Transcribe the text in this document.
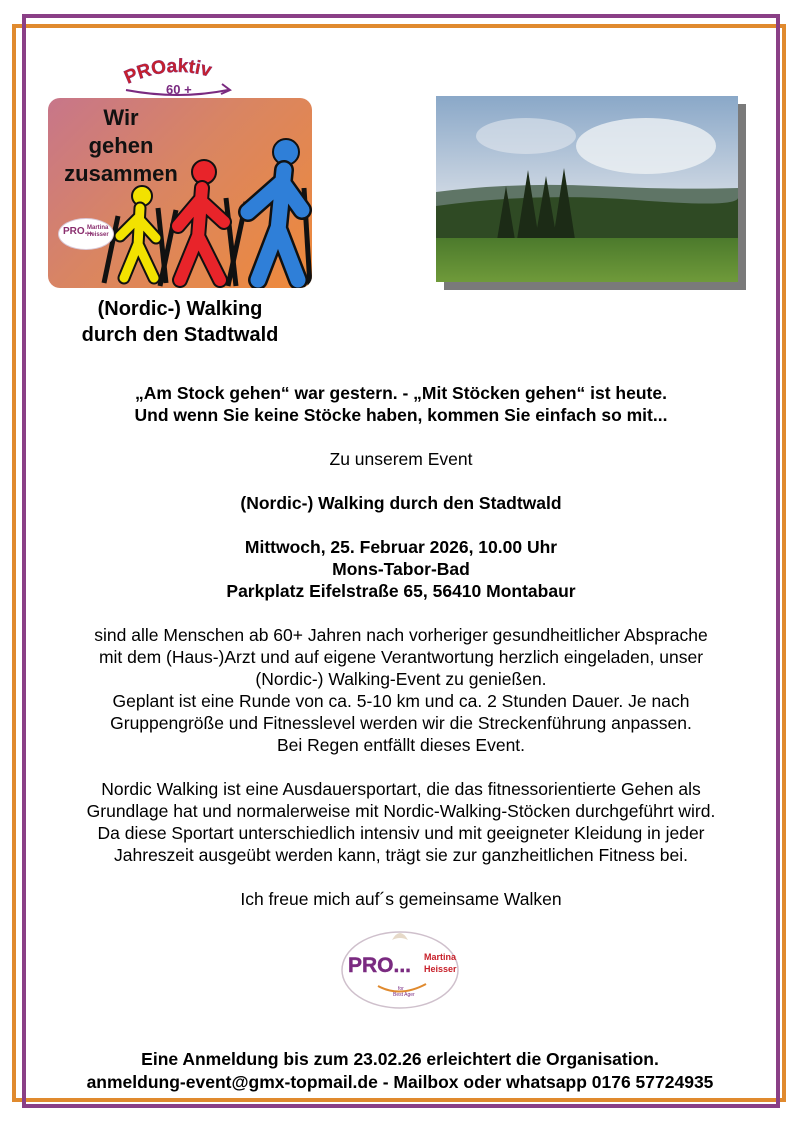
PROaktiv
60 +
Wir
gehen
zusammen
PRO...
Martina
Heisser
(Nordic-) Walking
durch den Stadtwald

„Am Stock gehen“ war gestern. - „Mit Stöcken gehen“ ist heute.

Und wenn Sie keine Stöcke haben, kommen Sie einfach so mit...

Zu unserem Event

(Nordic-) Walking durch den Stadtwald

Mittwoch, 25. Februar 2026, 10.00 Uhr

Mons-Tabor-Bad

Parkplatz Eifelstraße 65, 56410 Montabaur

sind alle Menschen ab 60+ Jahren nach vorheriger gesundheitlicher Absprache

mit dem (Haus-)Arzt und auf eigene Verantwortung herzlich eingeladen, unser

(Nordic-) Walking-Event zu genießen.

Geplant ist eine Runde von ca. 5-10 km und ca. 2 Stunden Dauer. Je nach

Gruppengröße und Fitnesslevel werden wir die Streckenführung anpassen.

Bei Regen entfällt dieses Event.

Nordic Walking ist eine Ausdauersportart, die das fitnessorientierte Gehen als

Grundlage hat und normalerweise mit Nordic-Walking-Stöcken durchgeführt wird.

Da diese Sportart unterschiedlich intensiv und mit geeigneter Kleidung in jeder

Jahreszeit ausgeübt werden kann, trägt sie zur ganzheitlichen Fitness bei.

Ich freue mich auf´s gemeinsame Walken

PRO... Martina
Heisser
for
Best Ager
Eine Anmeldung bis zum 23.02.26 erleichtert die Organisation.
anmeldung-event@gmx-topmail.de - Mailbox oder whatsapp 0176 57724935
